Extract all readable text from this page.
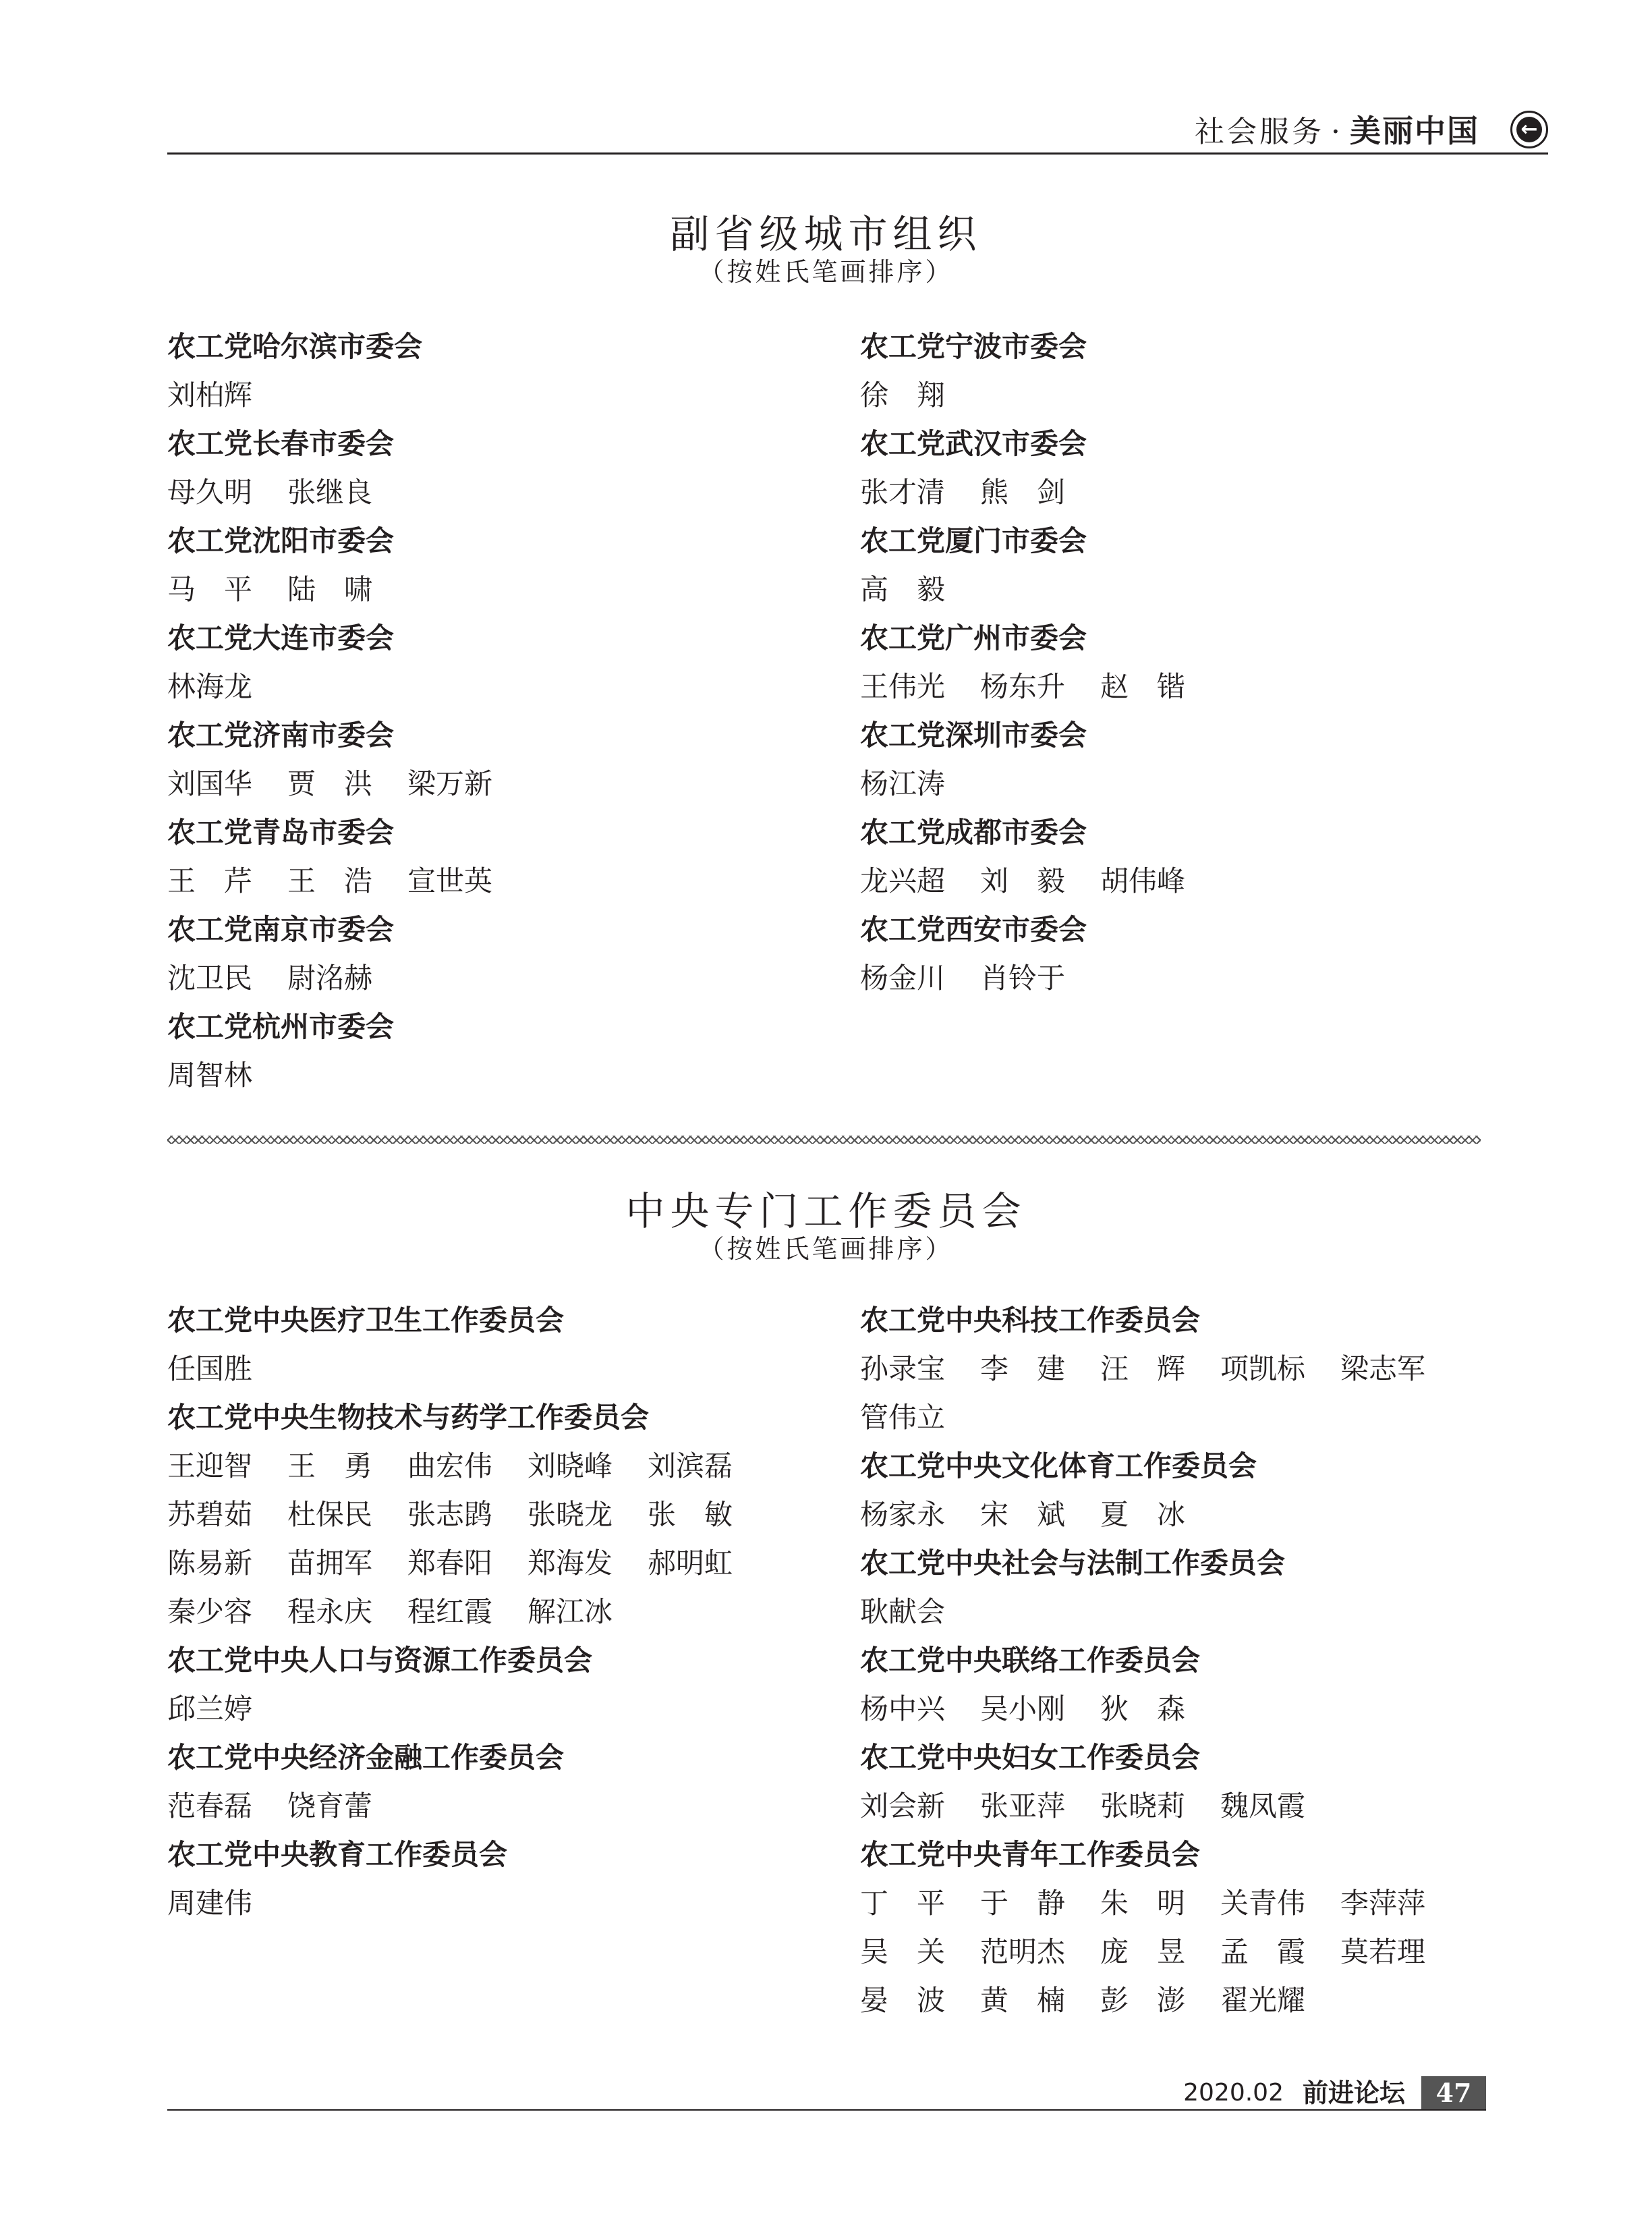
社会服务 · 美丽中国 ←
副省级城市组织
（按姓氏笔画排序）
农工党哈尔滨市委会
刘柏辉
农工党长春市委会
母久明 张继良
农工党沈阳市委会
马　平 陆　啸
农工党大连市委会
林海龙
农工党济南市委会
刘国华 贾　洪 梁万新
农工党青岛市委会
王　芹 王　浩 宣世英
农工党南京市委会
沈卫民 尉洺赫
农工党杭州市委会
周智林
农工党宁波市委会
徐　翔
农工党武汉市委会
张才清 熊　剑
农工党厦门市委会
高　毅
农工党广州市委会
王伟光 杨东升 赵　锴
农工党深圳市委会
杨江涛
农工党成都市委会
龙兴超 刘　毅 胡伟峰
农工党西安市委会
杨金川 肖铃于
中央专门工作委员会
（按姓氏笔画排序）
农工党中央医疗卫生工作委员会
任国胜
农工党中央生物技术与药学工作委员会
王迎智 王　勇 曲宏伟 刘晓峰 刘滨磊
苏碧茹 杜保民 张志鹍 张晓龙 张　敏
陈易新 苗拥军 郑春阳 郑海发 郝明虹
秦少容 程永庆 程红霞 解江冰
农工党中央人口与资源工作委员会
邱兰婷
农工党中央经济金融工作委员会
范春磊 饶育蕾
农工党中央教育工作委员会
周建伟
农工党中央科技工作委员会
孙录宝 李　建 汪　辉 项凯标 梁志军
管伟立
农工党中央文化体育工作委员会
杨家永 宋　斌 夏　冰
农工党中央社会与法制工作委员会
耿献会
农工党中央联络工作委员会
杨中兴 吴小刚 狄　森
农工党中央妇女工作委员会
刘会新 张亚萍 张晓莉 魏凤霞
农工党中央青年工作委员会
丁　平 于　静 朱　明 关青伟 李萍萍
吴　关 范明杰 庞　昱 孟　霞 莫若理
晏　波 黄　楠 彭　澎 翟光耀
2020.02 前进论坛 47
